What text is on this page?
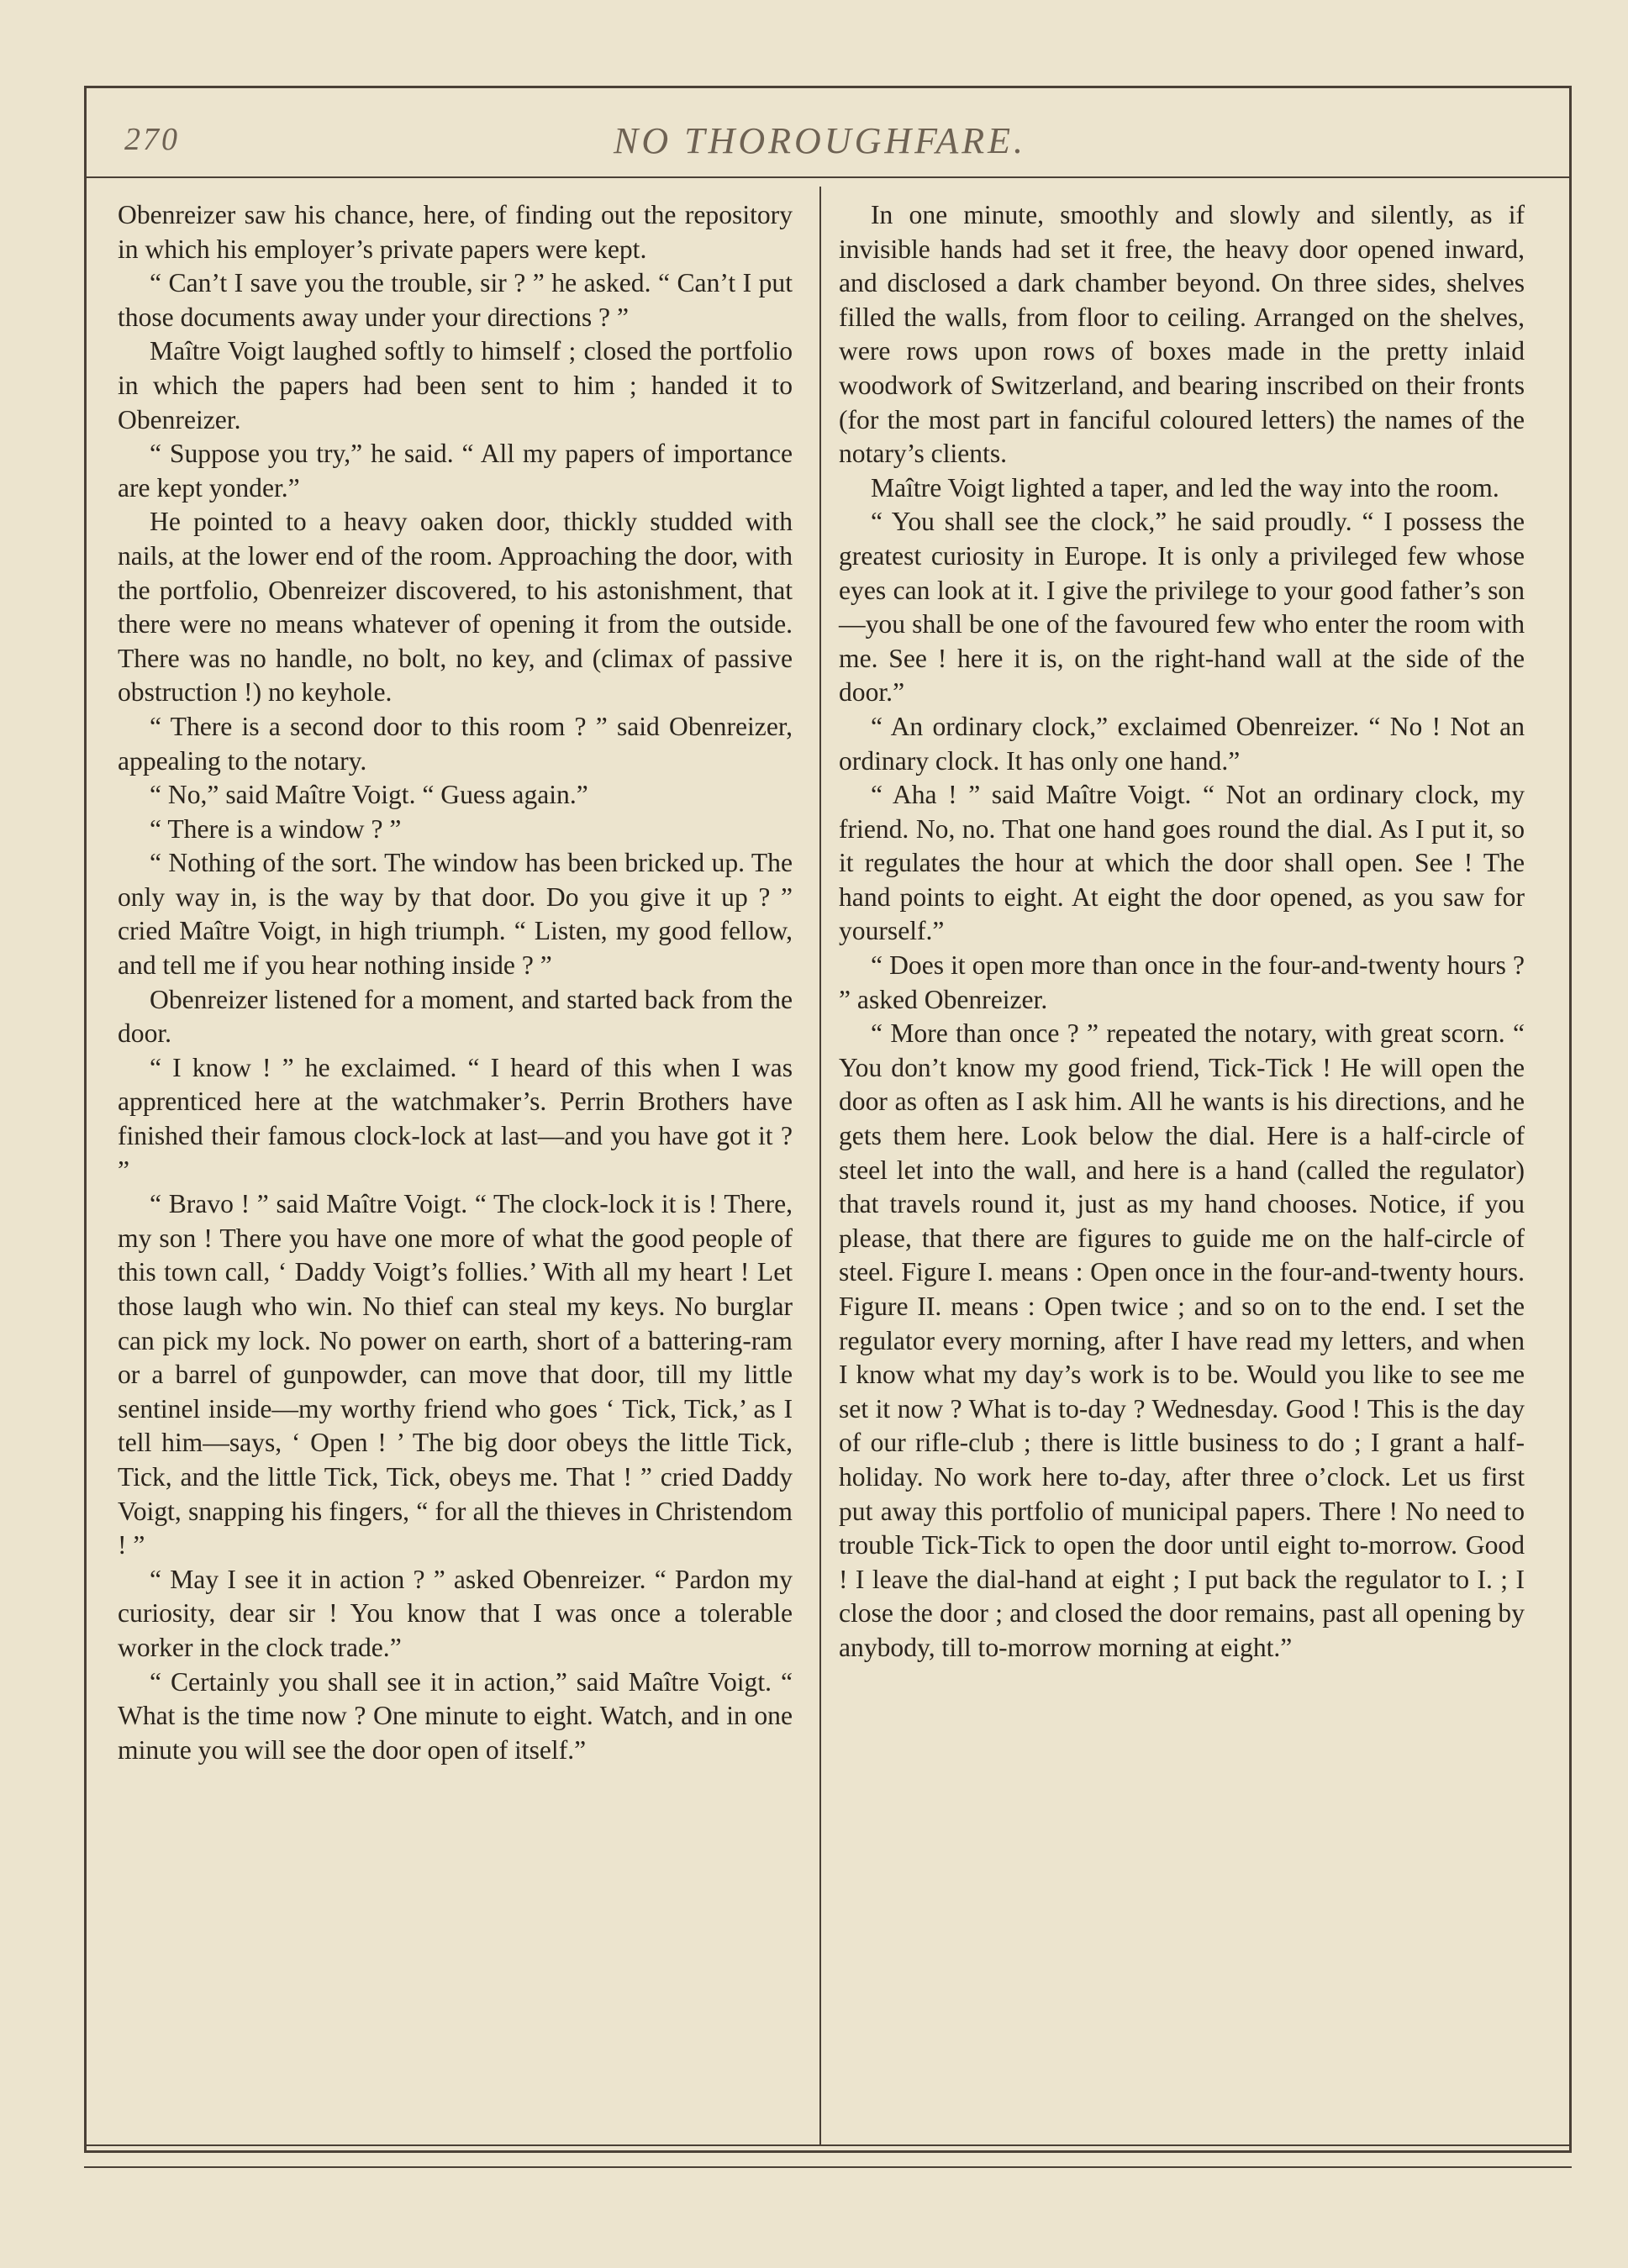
270	NO THOROUGHFARE.

Obenreizer saw his chance, here, of finding out the repository in which his employer’s private papers were kept.

“ Can’t I save you the trouble, sir ? ” he asked. “ Can’t I put those documents away under your directions ? ”

Maître Voigt laughed softly to himself ; closed the portfolio in which the papers had been sent to him ; handed it to Obenreizer.

“ Suppose you try,” he said. “ All my papers of importance are kept yonder.”

He pointed to a heavy oaken door, thickly studded with nails, at the lower end of the room. Approaching the door, with the portfolio, Obenreizer discovered, to his astonishment, that there were no means whatever of opening it from the outside. There was no handle, no bolt, no key, and (climax of passive obstruction !) no keyhole.

“ There is a second door to this room ? ” said Obenreizer, appealing to the notary.

“ No,” said Maître Voigt. “ Guess again.”

“ There is a window ? ”

“ Nothing of the sort. The window has been bricked up. The only way in, is the way by that door. Do you give it up ? ” cried Maître Voigt, in high triumph. “ Listen, my good fellow, and tell me if you hear nothing inside ? ”

Obenreizer listened for a moment, and started back from the door.

“ I know ! ” he exclaimed. “ I heard of this when I was apprenticed here at the watchmaker’s. Perrin Brothers have finished their famous clock-lock at last—and you have got it ? ”

“ Bravo ! ” said Maître Voigt. “ The clock-lock it is ! There, my son ! There you have one more of what the good people of this town call, ‘ Daddy Voigt’s follies.’ With all my heart ! Let those laugh who win. No thief can steal my keys. No burglar can pick my lock. No power on earth, short of a battering-ram or a barrel of gunpowder, can move that door, till my little sentinel inside—my worthy friend who goes ‘ Tick, Tick,’ as I tell him—says, ‘ Open ! ’ The big door obeys the little Tick, Tick, and the little Tick, Tick, obeys me. That ! ” cried Daddy Voigt, snapping his fingers, “ for all the thieves in Christendom ! ”

“ May I see it in action ? ” asked Obenreizer. “ Pardon my curiosity, dear sir ! You know that I was once a tolerable worker in the clock trade.”

“ Certainly you shall see it in action,” said Maître Voigt. “ What is the time now ? One minute to eight. Watch, and in one minute you will see the door open of itself.”

In one minute, smoothly and slowly and silently, as if invisible hands had set it free, the heavy door opened inward, and disclosed a dark chamber beyond. On three sides, shelves filled the walls, from floor to ceiling. Arranged on the shelves, were rows upon rows of boxes made in the pretty inlaid woodwork of Switzerland, and bearing inscribed on their fronts (for the most part in fanciful coloured letters) the names of the notary’s clients.

Maître Voigt lighted a taper, and led the way into the room.

“ You shall see the clock,” he said proudly. “ I possess the greatest curiosity in Europe. It is only a privileged few whose eyes can look at it. I give the privilege to your good father’s son—you shall be one of the favoured few who enter the room with me. See ! here it is, on the right-hand wall at the side of the door.”

“ An ordinary clock,” exclaimed Obenreizer. “ No ! Not an ordinary clock. It has only one hand.”

“ Aha ! ” said Maître Voigt. “ Not an ordinary clock, my friend. No, no. That one hand goes round the dial. As I put it, so it regulates the hour at which the door shall open. See ! The hand points to eight. At eight the door opened, as you saw for yourself.”

“ Does it open more than once in the four-and-twenty hours ? ” asked Obenreizer.

“ More than once ? ” repeated the notary, with great scorn. “ You don’t know my good friend, Tick-Tick ! He will open the door as often as I ask him. All he wants is his directions, and he gets them here. Look below the dial. Here is a half-circle of steel let into the wall, and here is a hand (called the regulator) that travels round it, just as my hand chooses. Notice, if you please, that there are figures to guide me on the half-circle of steel. Figure I. means : Open once in the four-and-twenty hours. Figure II. means : Open twice ; and so on to the end. I set the regulator every morning, after I have read my letters, and when I know what my day’s work is to be. Would you like to see me set it now ? What is to-day ? Wednesday. Good ! This is the day of our rifle-club ; there is little business to do ; I grant a half-holiday. No work here to-day, after three o’clock. Let us first put away this portfolio of municipal papers. There ! No need to trouble Tick-Tick to open the door until eight to-morrow. Good ! I leave the dial-hand at eight ; I put back the regulator to I. ; I close the door ; and closed the door remains, past all opening by anybody, till to-morrow morning at eight.”
